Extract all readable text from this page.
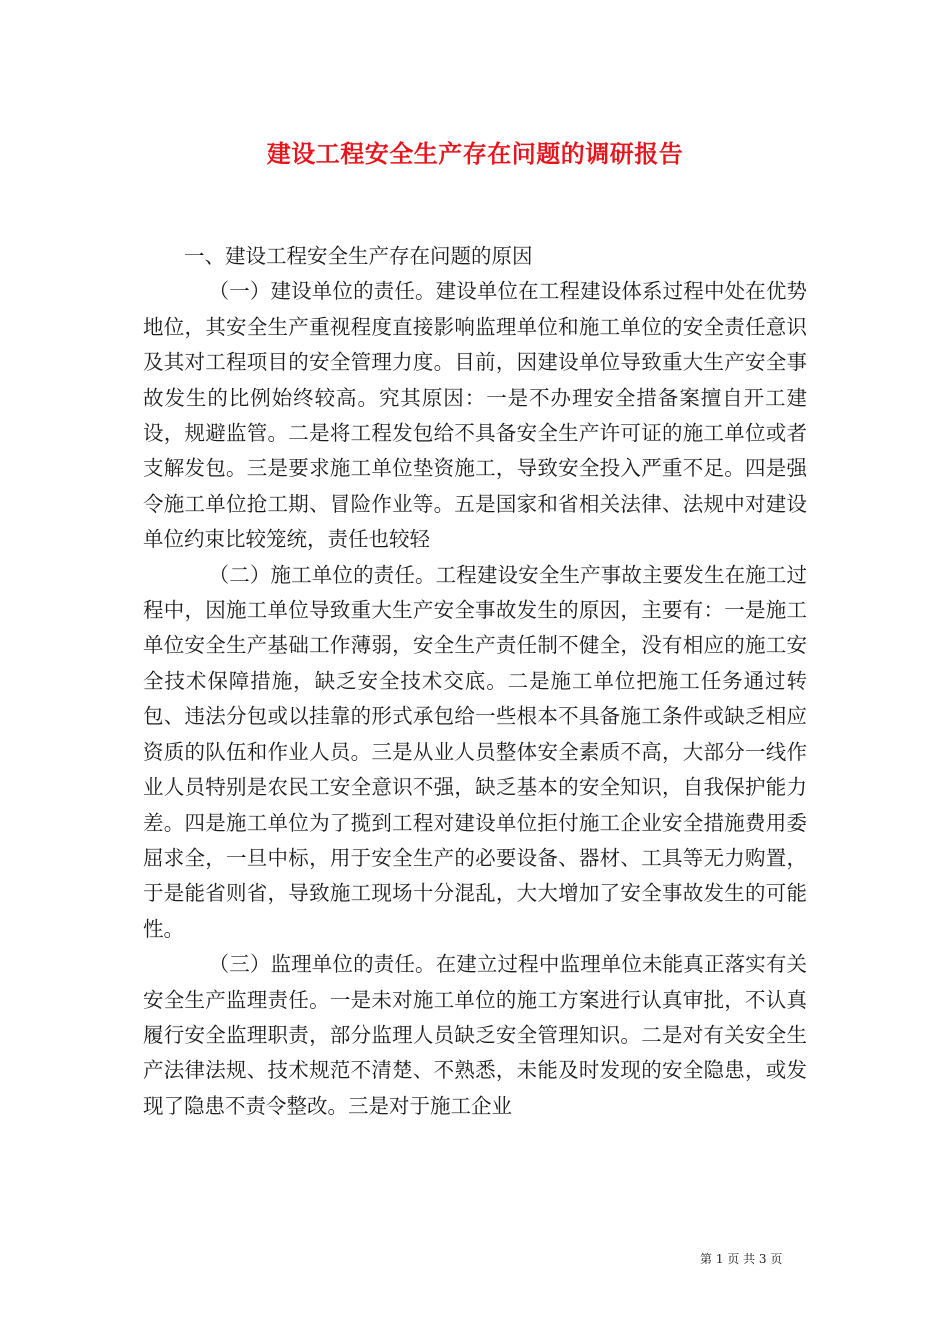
建设工程安全生产存在问题的调研报告

一、建设工程安全生产存在问题的原因

（一）建设单位的责任。建设单位在工程建设体系过程中处在优势地位，其安全生产重视程度直接影响监理单位和施工单位的安全责任意识及其对工程项目的安全管理力度。目前，因建设单位导致重大生产安全事故发生的比例始终较高。究其原因：一是不办理安全措备案擅自开工建设，规避监管。二是将工程发包给不具备安全生产许可证的施工单位或者支解发包。三是要求施工单位垫资施工，导致安全投入严重不足。四是强令施工单位抢工期、冒险作业等。五是国家和省相关法律、法规中对建设单位约束比较笼统，责任也较轻

（二）施工单位的责任。工程建设安全生产事故主要发生在施工过程中，因施工单位导致重大生产安全事故发生的原因，主要有：一是施工单位安全生产基础工作薄弱，安全生产责任制不健全，没有相应的施工安全技术保障措施，缺乏安全技术交底。二是施工单位把施工任务通过转包、违法分包或以挂靠的形式承包给一些根本不具备施工条件或缺乏相应资质的队伍和作业人员。三是从业人员整体安全素质不高，大部分一线作业人员特别是农民工安全意识不强，缺乏基本的安全知识，自我保护能力差。四是施工单位为了揽到工程对建设单位拒付施工企业安全措施费用委屈求全，一旦中标，用于安全生产的必要设备、器材、工具等无力购置，于是能省则省，导致施工现场十分混乱，大大增加了安全事故发生的可能性。

（三）监理单位的责任。在建立过程中监理单位未能真正落实有关安全生产监理责任。一是未对施工单位的施工方案进行认真审批，不认真履行安全监理职责，部分监理人员缺乏安全管理知识。二是对有关安全生产法律法规、技术规范不清楚、不熟悉，未能及时发现的安全隐患，或发现了隐患不责令整改。三是对于施工企业

第 1 页 共 3 页
